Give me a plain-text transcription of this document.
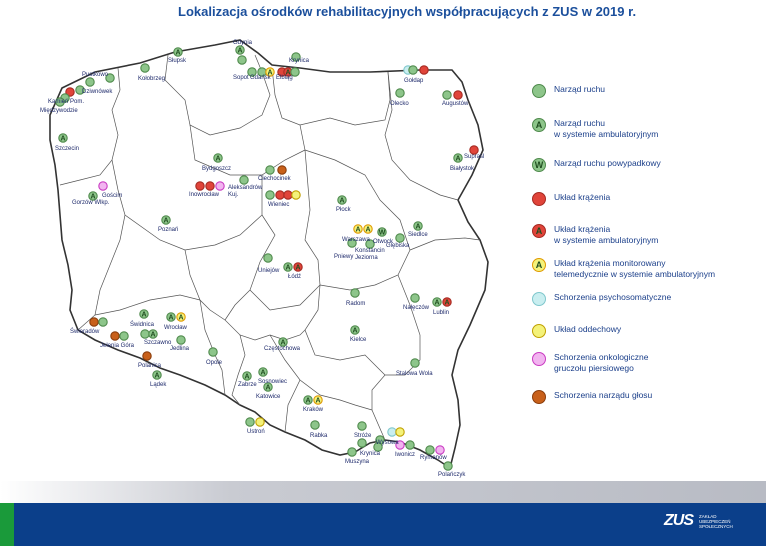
Lokalizacja ośrodków rehabilitacyjnych współpracujących z ZUS w 2019 r.
A	A
A A
A
A	A
A
A
A
A A	A
W
A A
A A
A	A A
A
A
A
A
A
A
A
A A
Słupsk
Gdynia
Sopot Gdańsk
Krynica
Elbląg	Gołdap
Olecko	Augustów
Pustkowo
Dziwnówek
Kamień Pom.
Międzywodzie
Kołobrzeg
Szczecin
Bydgoszcz
Ciechocinek
Aleksandrów Kuj.
Inowrocław
Wieniec
Suprasl
Białystok
Gościm
Gorzów Wlkp.
Płock
Poznań
Warszawa Otwock
Siedlce
Konstancin Jeziorna
Pniewy
Glębiska
Uniejów
Łódź
Radom
Nałęczów
Lublin
Świeradów
Świdnica Wrocław
Jelenia Góra Szczawno
Jedlina
Polanica
Lądek
Kielce
Częstochowa
Opole
Sosnowiec
Zabrze
Katowice
Stalowa Wola
Kraków
Ustroń
Rabka	Stróże
Wysowa
Krynica
Muszyna
Iwonicz Rymanów
Polańczyk
Narząd ruchu
A	Narząd ruchu
w systemie ambulatoryjnym
W	Narząd ruchu powypadkowy
Układ krążenia
A	Układ krążenia
w systemie ambulatoryjnym
A	Układ krążenia monitorowany
telemedycznie w systemie ambulatoryjnym
Schorzenia psychosomatyczne
Układ oddechowy
Schorzenia onkologiczne
gruczołu piersiowego
Schorzenia narządu głosu
ZUS ZAKŁAD UBEZPIECZEŃ SPOŁECZNYCH
